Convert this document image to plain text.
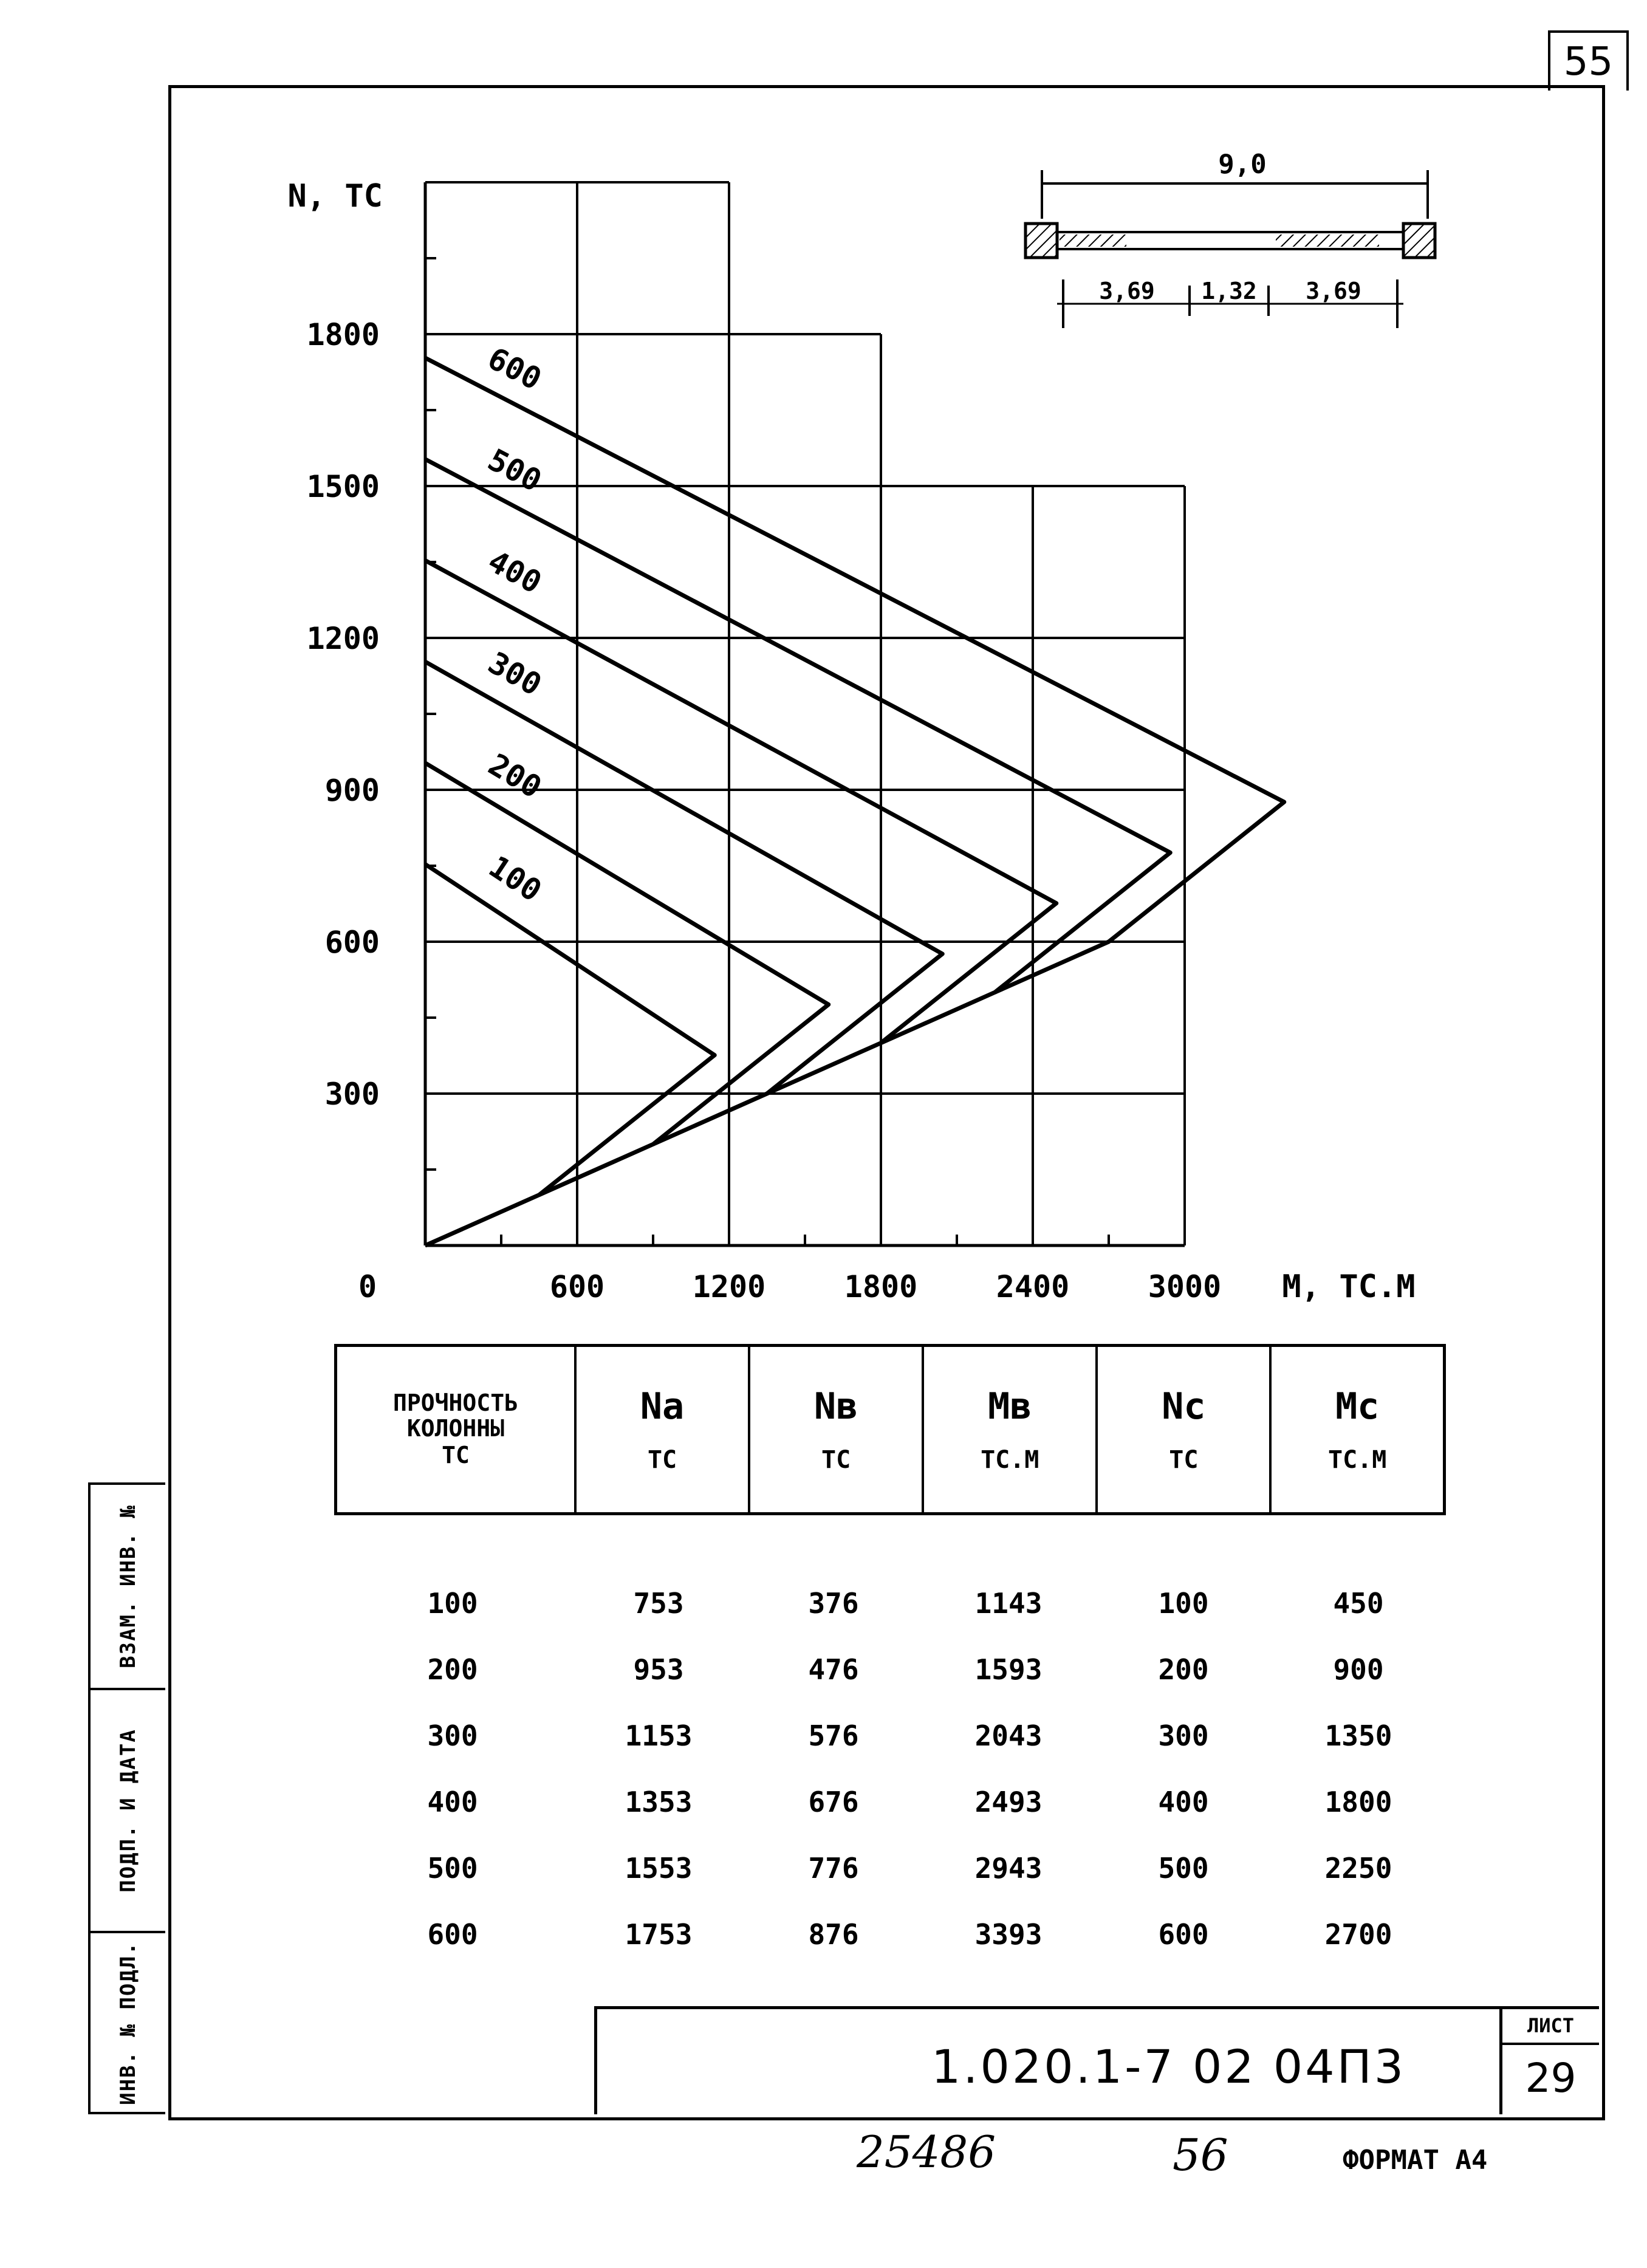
55
ВЗАМ. ИНВ. №
ПОДП. И ДАТА
ИНВ. № ПОДЛ.
0	600	1200	1800	2400	3000
300
600
900
1200
1500
1800
N, TC
M, TC.M
100
200
300
400
500
600
9,0
3,69 1,32 3,69
ПРОЧНОСТЬ КОЛОННЫ
ТС

Na
ТС

Nв
ТС

Mв
ТС.М

Nс
ТС

Mс
ТС.М
100	753	376	1143	100	450
200	953	476	1593	200	900
300	1153	576	2043	300	1350
400	1353	676	2493	400	1800
500	1553	776	2943	500	2250
600	1753	876	3393	600	2700
1.020.1-7 02 04П3
ЛИСТ
29
25486	56	ФОРМАТ А4
